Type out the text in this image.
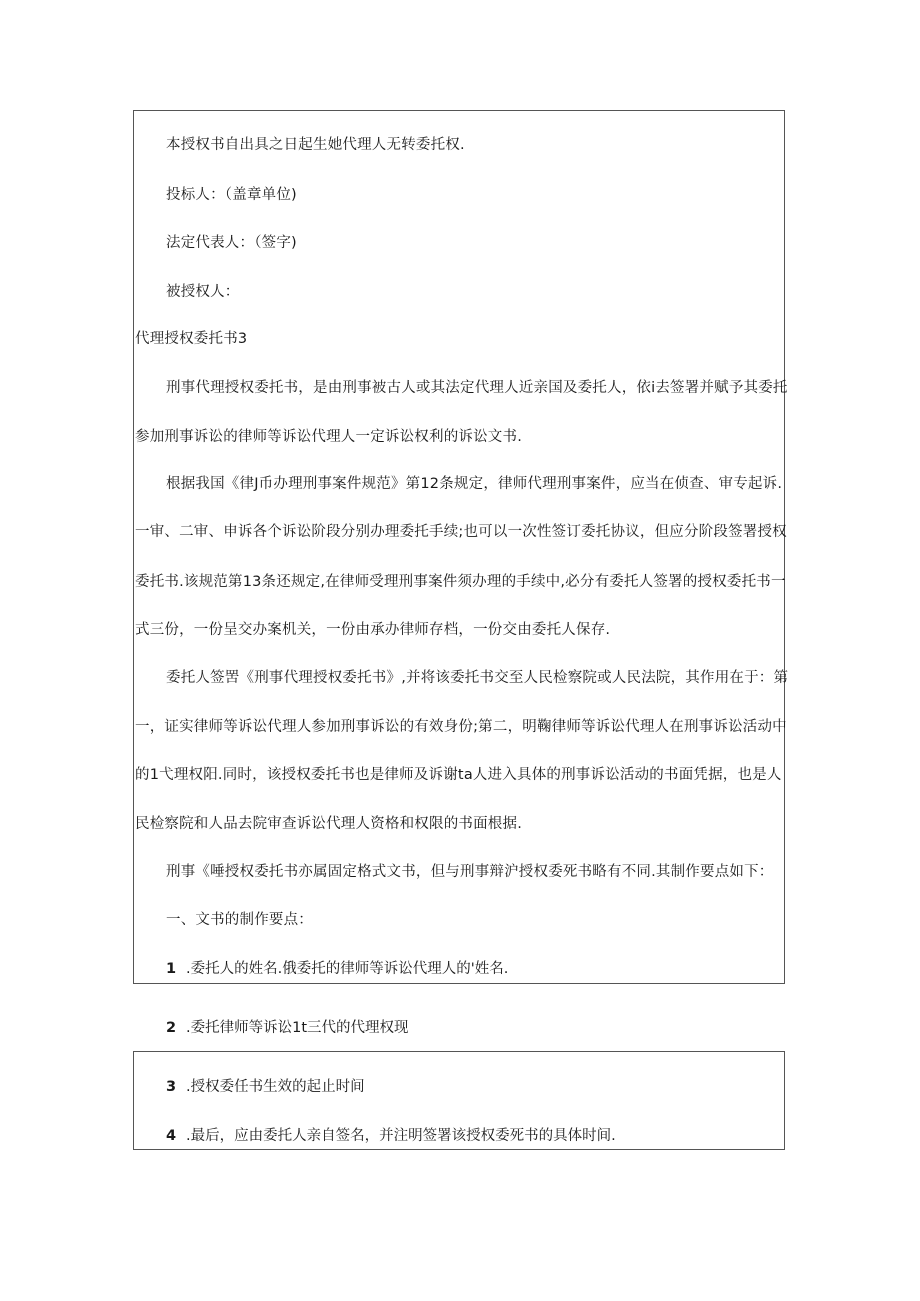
本授权书自出具之日起生她代理人无转委托权.
投标人：（盖章单位)
法定代表人：（签字)
被授权人：
代理授权委托书3
刑事代理授权委托书，是由刑事被古人或其法定代理人近亲国及委托人，依i去签署并赋予其委托
参加刑事诉讼的律师等诉讼代理人一定诉讼权利的诉讼文书.
根据我国《律J币办理刑事案件规范》第12条规定，律师代理刑事案件，应当在侦查、审专起诉.
一审、二审、申诉各个诉讼阶段分别办理委托手续;也可以一次性签订委托协议，但应分阶段签署授权
委托书.该规范第13条还规定,在律师受理刑事案件须办理的手续中,必分有委托人签署的授权委托书一
式三份，一份呈交办案机关，一份由承办律师存档，一份交由委托人保存.
委托人签罟《刑事代理授权委托书》,并将该委托书交至人民检察院或人民法院，其作用在于：第
一，证实律师等诉讼代理人参加刑事诉讼的有效身份;第二，明鞠律师等诉讼代理人在刑事诉讼活动中
的1弋理权阳.同时，该授权委托书也是律师及诉谢ta人进入具体的刑事诉讼活动的书面凭据，也是人
民检察院和人品去院审查诉讼代理人资格和权限的书面根据.
刑事《唾授权委托书亦属固定格式文书，但与刑事辩沪授权委死书略有不同.其制作要点如下：
一、文书的制作要点：
1 .委托人的姓名.俄委托的律师等诉讼代理人的'姓名.
2 .委托律师等诉讼1t三代的代理权现
3 .授权委任书生效的起止时间
4 .最后，应由委托人亲自签名，并注明签署该授权委死书的具体时间.
